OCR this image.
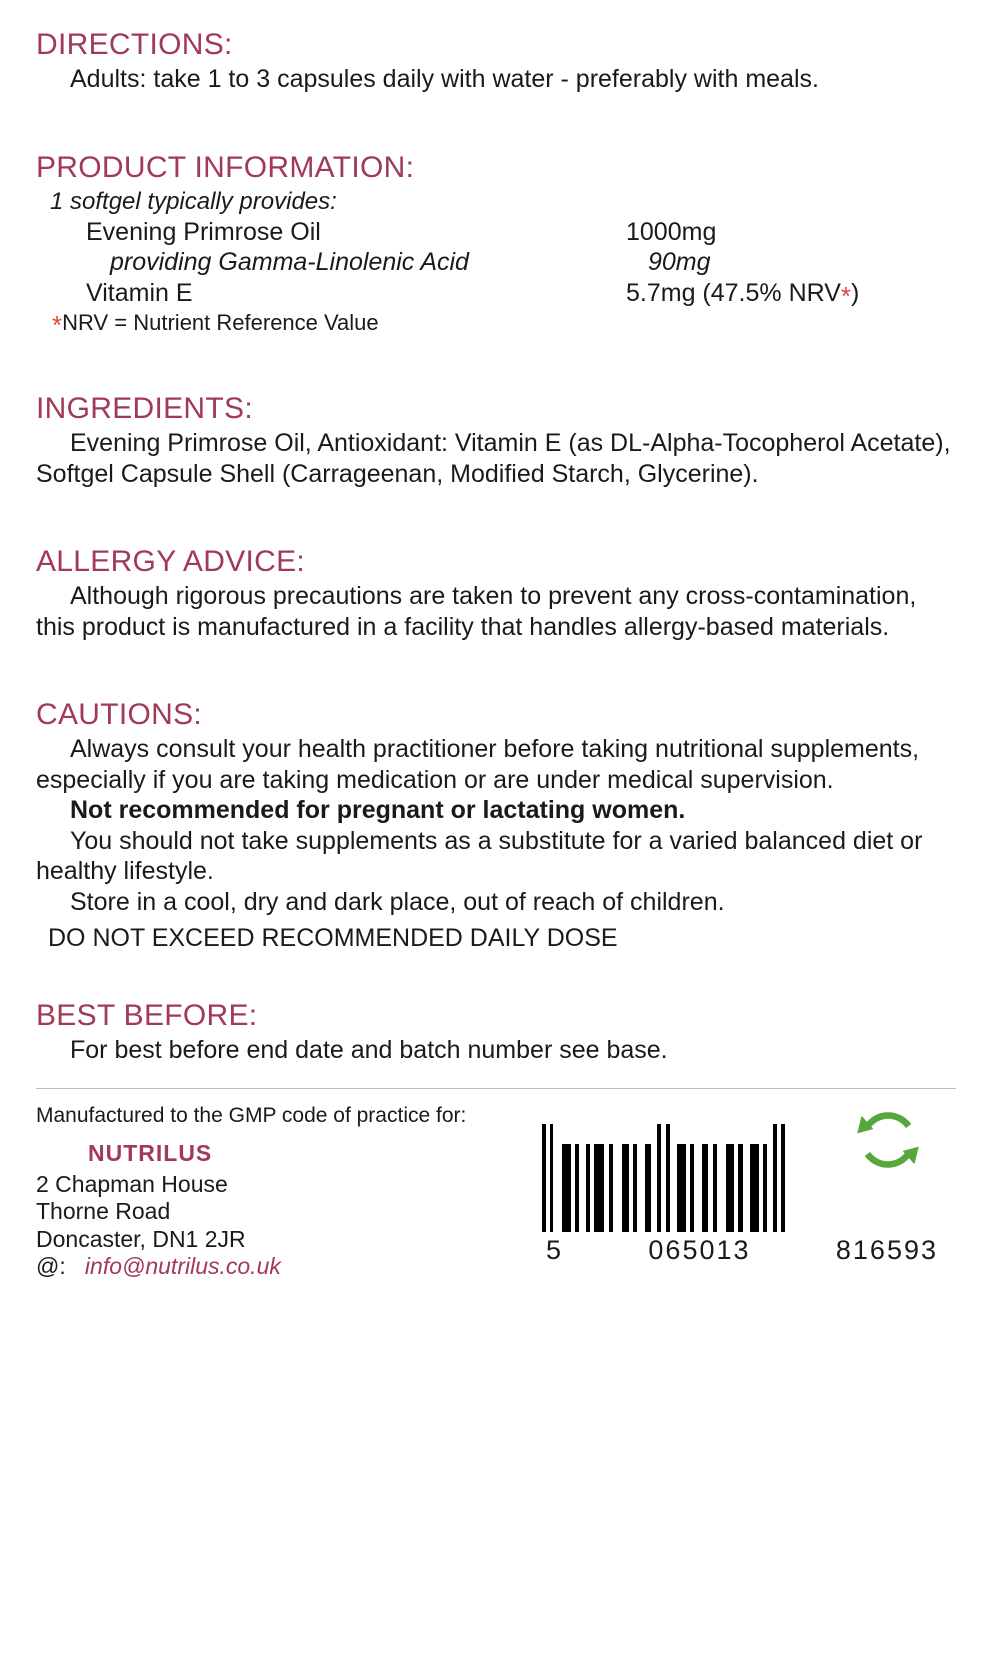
DIRECTIONS:

Adults: take 1 to 3 capsules daily with water - preferably with meals.

PRODUCT INFORMATION:

1 softgel typically provides:

Evening Primrose Oil	1000mg
providing Gamma-Linolenic Acid	90mg
Vitamin E	5.7mg (47.5% NRV*)

*NRV = Nutrient Reference Value

INGREDIENTS:

Evening Primrose Oil, Antioxidant: Vitamin E (as DL-Alpha-Tocopherol Acetate), Softgel Capsule Shell (Carrageenan, Modified Starch, Glycerine).

ALLERGY ADVICE:

Although rigorous precautions are taken to prevent any cross-contamination, this product is manufactured in a facility that handles allergy-based materials.

CAUTIONS:

Always consult your health practitioner before taking nutritional supplements, especially if you are taking medication or are under medical supervision.

Not recommended for pregnant or lactating women.

You should not take supplements as a substitute for a varied balanced diet or healthy lifestyle.

Store in a cool, dry and dark place, out of reach of children.

DO NOT EXCEED RECOMMENDED DAILY DOSE

BEST BEFORE:

For best before end date and batch number see base.

Manufactured to the GMP code of practice for:

NUTRILUS

2 Chapman House

Thorne Road

Doncaster, DN1 2JR

@: info@nutrilus.co.uk

5	065013	816593
